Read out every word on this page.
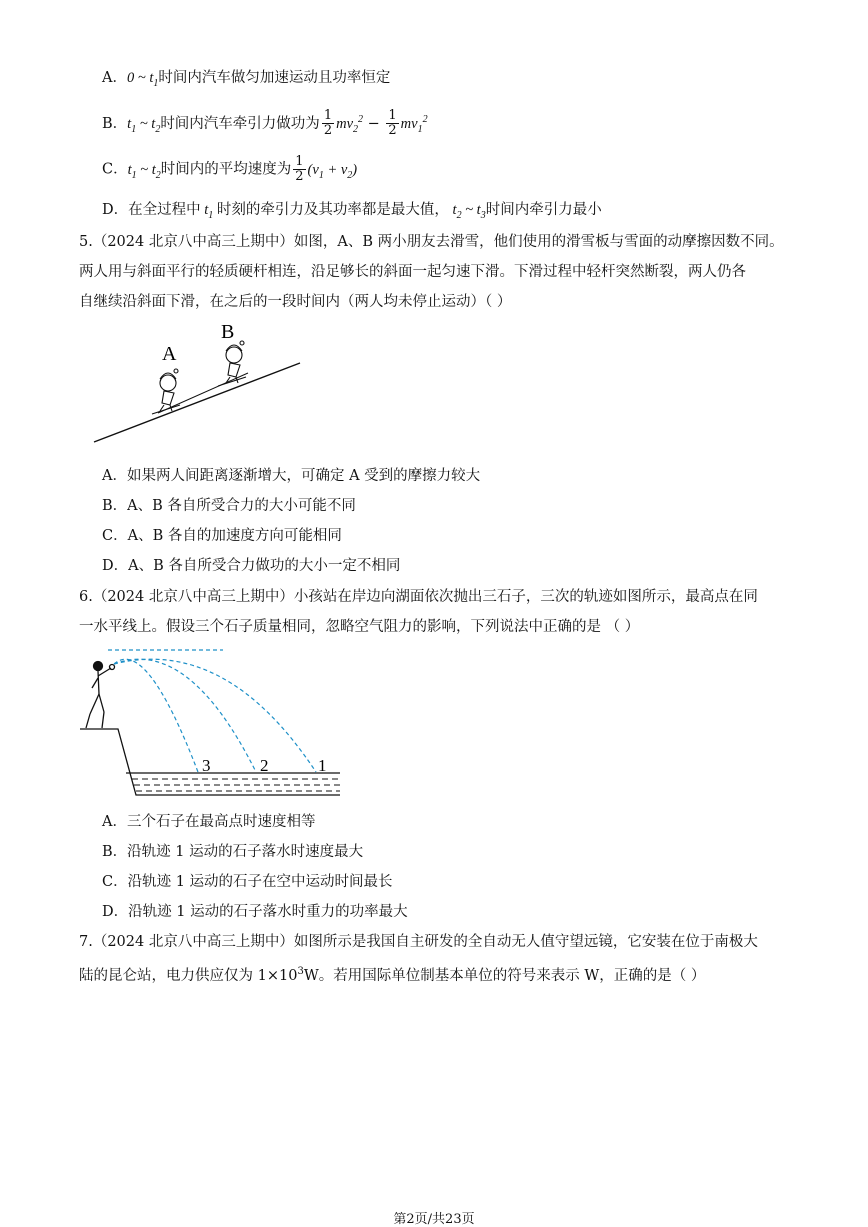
A．0 ~ $t_1$时间内汽车做匀加速运动且功率恒定
B．$t_1$ ~ $t_2$时间内汽车牵引力做功为 $\frac{1}{2} mv_2^2 - \frac{1}{2} mv_1^2$
C．$t_1$ ~ $t_2$时间内的平均速度为 $\frac{1}{2} (v_1 + v_2)$
D．在全过程中 $t_1$ 时刻的牵引力及其功率都是最大值， $t_2$ ~ $t_3$时间内牵引力最小
5.（2024 北京八中高三上期中）如图，A、B 两小朋友去滑雪，他们使用的滑雪板与雪面的动摩擦因数不同。
两人用与斜面平行的轻质硬杆相连，沿足够长的斜面一起匀速下滑。下滑过程中轻杆突然断裂，两人仍各
自继续沿斜面下滑，在之后的一段时间内（两人均未停止运动）（ ）
A
B
A．如果两人间距离逐渐增大，可确定 A 受到的摩擦力较大
B．A、B 各自所受合力的大小可能不同
C．A、B 各自的加速度方向可能相同
D．A、B 各自所受合力做功的大小一定不相同
6.（2024 北京八中高三上期中）小孩站在岸边向湖面依次抛出三石子，三次的轨迹如图所示，最高点在同
一水平线上。假设三个石子质量相同，忽略空气阻力的影响，下列说法中正确的是 （ ）
3	2	1
A．三个石子在最高点时速度相等
B．沿轨迹 1 运动的石子落水时速度最大
C．沿轨迹 1 运动的石子在空中运动时间最长
D．沿轨迹 1 运动的石子落水时重力的功率最大
7.（2024 北京八中高三上期中）如图所示是我国自主研发的全自动无人值守望远镜，它安装在位于南极大
陆的昆仑站，电力供应仅为 $1\times 10^3W$。若用国际单位制基本单位的符号来表示 W，正确的是（ ）
第2页/共23页
